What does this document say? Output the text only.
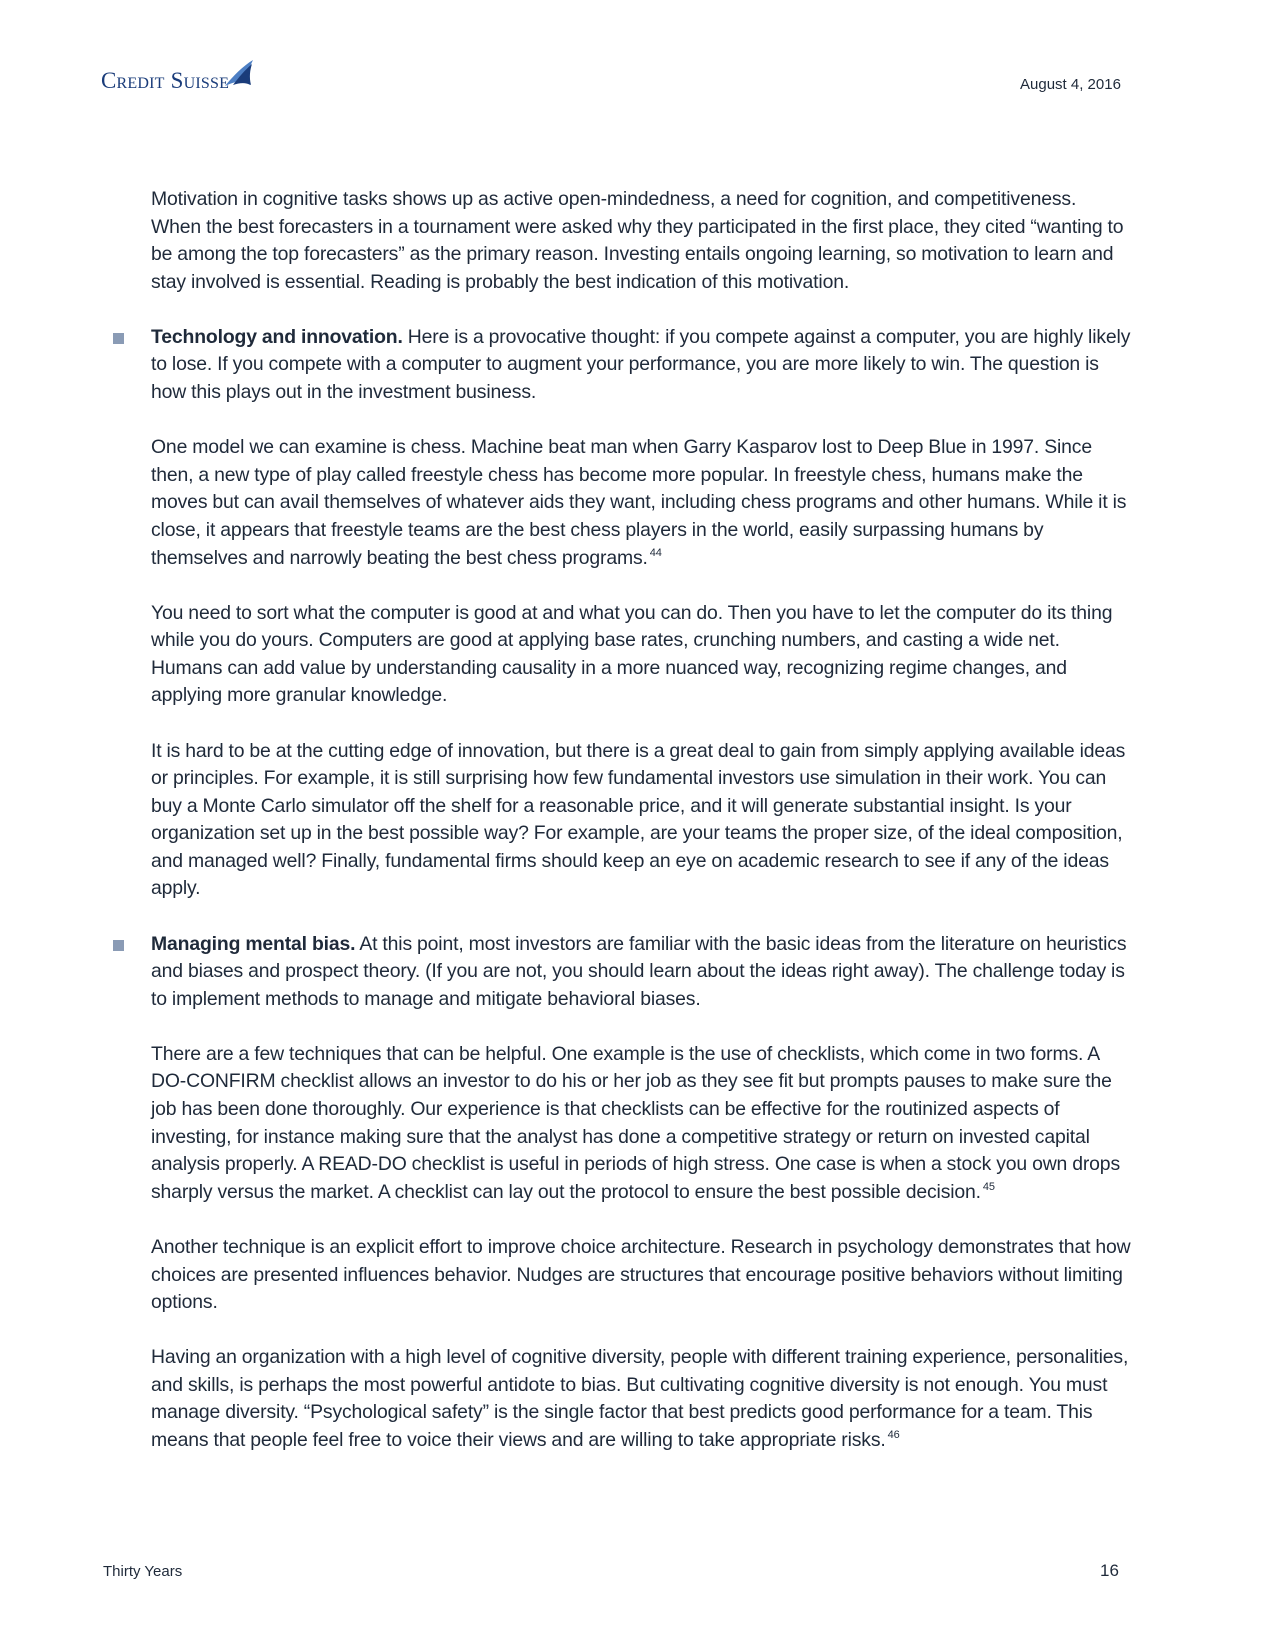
Credit Suisse	August 4, 2016

Motivation in cognitive tasks shows up as active open-mindedness, a need for cognition, and competitiveness. When the best forecasters in a tournament were asked why they participated in the first place, they cited “wanting to be among the top forecasters” as the primary reason. Investing entails ongoing learning, so motivation to learn and stay involved is essential. Reading is probably the best indication of this motivation.

Technology and innovation. Here is a provocative thought: if you compete against a computer, you are highly likely to lose. If you compete with a computer to augment your performance, you are more likely to win. The question is how this plays out in the investment business.

One model we can examine is chess. Machine beat man when Garry Kasparov lost to Deep Blue in 1997. Since then, a new type of play called freestyle chess has become more popular. In freestyle chess, humans make the moves but can avail themselves of whatever aids they want, including chess programs and other humans. While it is close, it appears that freestyle teams are the best chess players in the world, easily surpassing humans by themselves and narrowly beating the best chess programs. $^{44}$

You need to sort what the computer is good at and what you can do. Then you have to let the computer do its thing while you do yours. Computers are good at applying base rates, crunching numbers, and casting a wide net. Humans can add value by understanding causality in a more nuanced way, recognizing regime changes, and applying more granular knowledge.

It is hard to be at the cutting edge of innovation, but there is a great deal to gain from simply applying available ideas or principles. For example, it is still surprising how few fundamental investors use simulation in their work. You can buy a Monte Carlo simulator off the shelf for a reasonable price, and it will generate substantial insight. Is your organization set up in the best possible way? For example, are your teams the proper size, of the ideal composition, and managed well? Finally, fundamental firms should keep an eye on academic research to see if any of the ideas apply.

Managing mental bias. At this point, most investors are familiar with the basic ideas from the literature on heuristics and biases and prospect theory. (If you are not, you should learn about the ideas right away). The challenge today is to implement methods to manage and mitigate behavioral biases.

There are a few techniques that can be helpful. One example is the use of checklists, which come in two forms. A DO-CONFIRM checklist allows an investor to do his or her job as they see fit but prompts pauses to make sure the job has been done thoroughly. Our experience is that checklists can be effective for the routinized aspects of investing, for instance making sure that the analyst has done a competitive strategy or return on invested capital analysis properly. A READ-DO checklist is useful in periods of high stress. One case is when a stock you own drops sharply versus the market. A checklist can lay out the protocol to ensure the best possible decision. $^{45}$

Another technique is an explicit effort to improve choice architecture. Research in psychology demonstrates that how choices are presented influences behavior. Nudges are structures that encourage positive behaviors without limiting options.

Having an organization with a high level of cognitive diversity, people with different training experience, personalities, and skills, is perhaps the most powerful antidote to bias. But cultivating cognitive diversity is not enough. You must manage diversity. “Psychological safety” is the single factor that best predicts good performance for a team. This means that people feel free to voice their views and are willing to take appropriate risks. $^{46}$

Thirty Years	16
